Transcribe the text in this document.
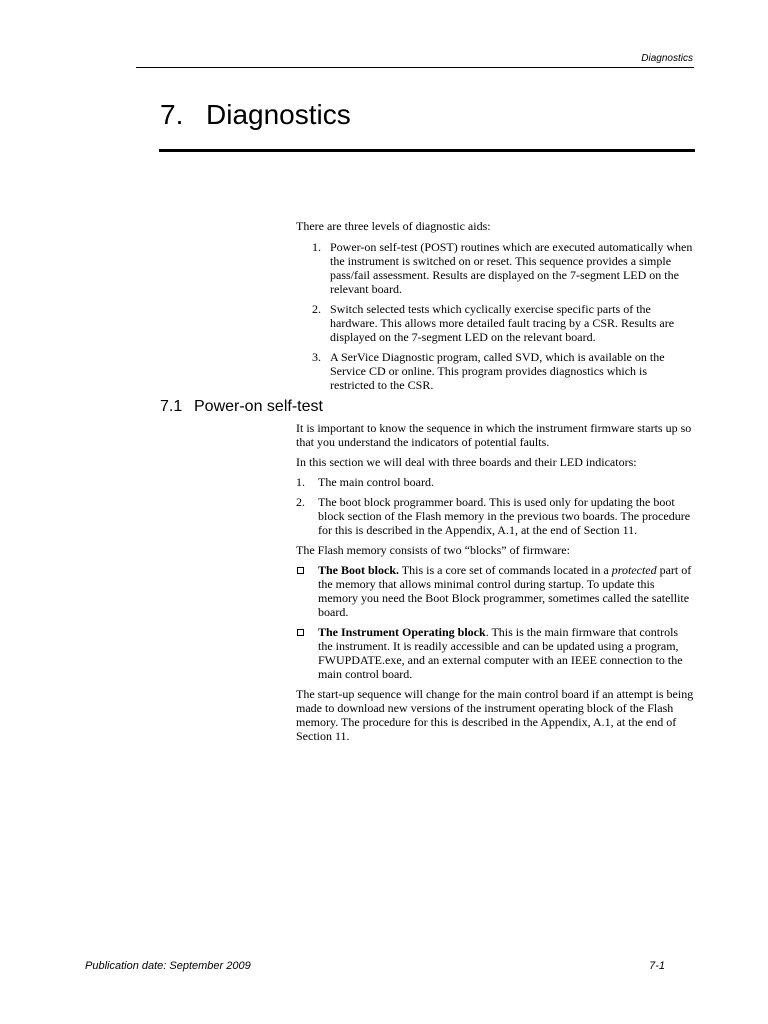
Diagnostics
7. Diagnostics

There are three levels of diagnostic aids:

1. Power-on self-test (POST) routines which are executed automatically when the instrument is switched on or reset. This sequence provides a simple pass/fail assessment. Results are displayed on the 7-segment LED on the relevant board.
2. Switch selected tests which cyclically exercise specific parts of the hardware. This allows more detailed fault tracing by a CSR. Results are displayed on the 7-segment LED on the relevant board.
3. A SerVice Diagnostic program, called SVD, which is available on the Service CD or online. This program provides diagnostics which is restricted to the CSR.
7.1 Power-on self-test

It is important to know the sequence in which the instrument firmware starts up so that you understand the indicators of potential faults.

In this section we will deal with three boards and their LED indicators:

1. The main control board.
2. The boot block programmer board. This is used only for updating the boot block section of the Flash memory in the previous two boards. The procedure for this is described in the Appendix, A.1, at the end of Section 11.

The Flash memory consists of two “blocks” of firmware:

The Boot block. This is a core set of commands located in a protected part of the memory that allows minimal control during startup. To update this memory you need the Boot Block programmer, sometimes called the satellite board.
The Instrument Operating block. This is the main firmware that controls the instrument. It is readily accessible and can be updated using a program, FWUPDATE.exe, and an external computer with an IEEE connection to the main control board.

The start-up sequence will change for the main control board if an attempt is being made to download new versions of the instrument operating block of the Flash memory. The procedure for this is described in the Appendix, A.1, at the end of Section 11.

Publication date: September 2009	7-1
